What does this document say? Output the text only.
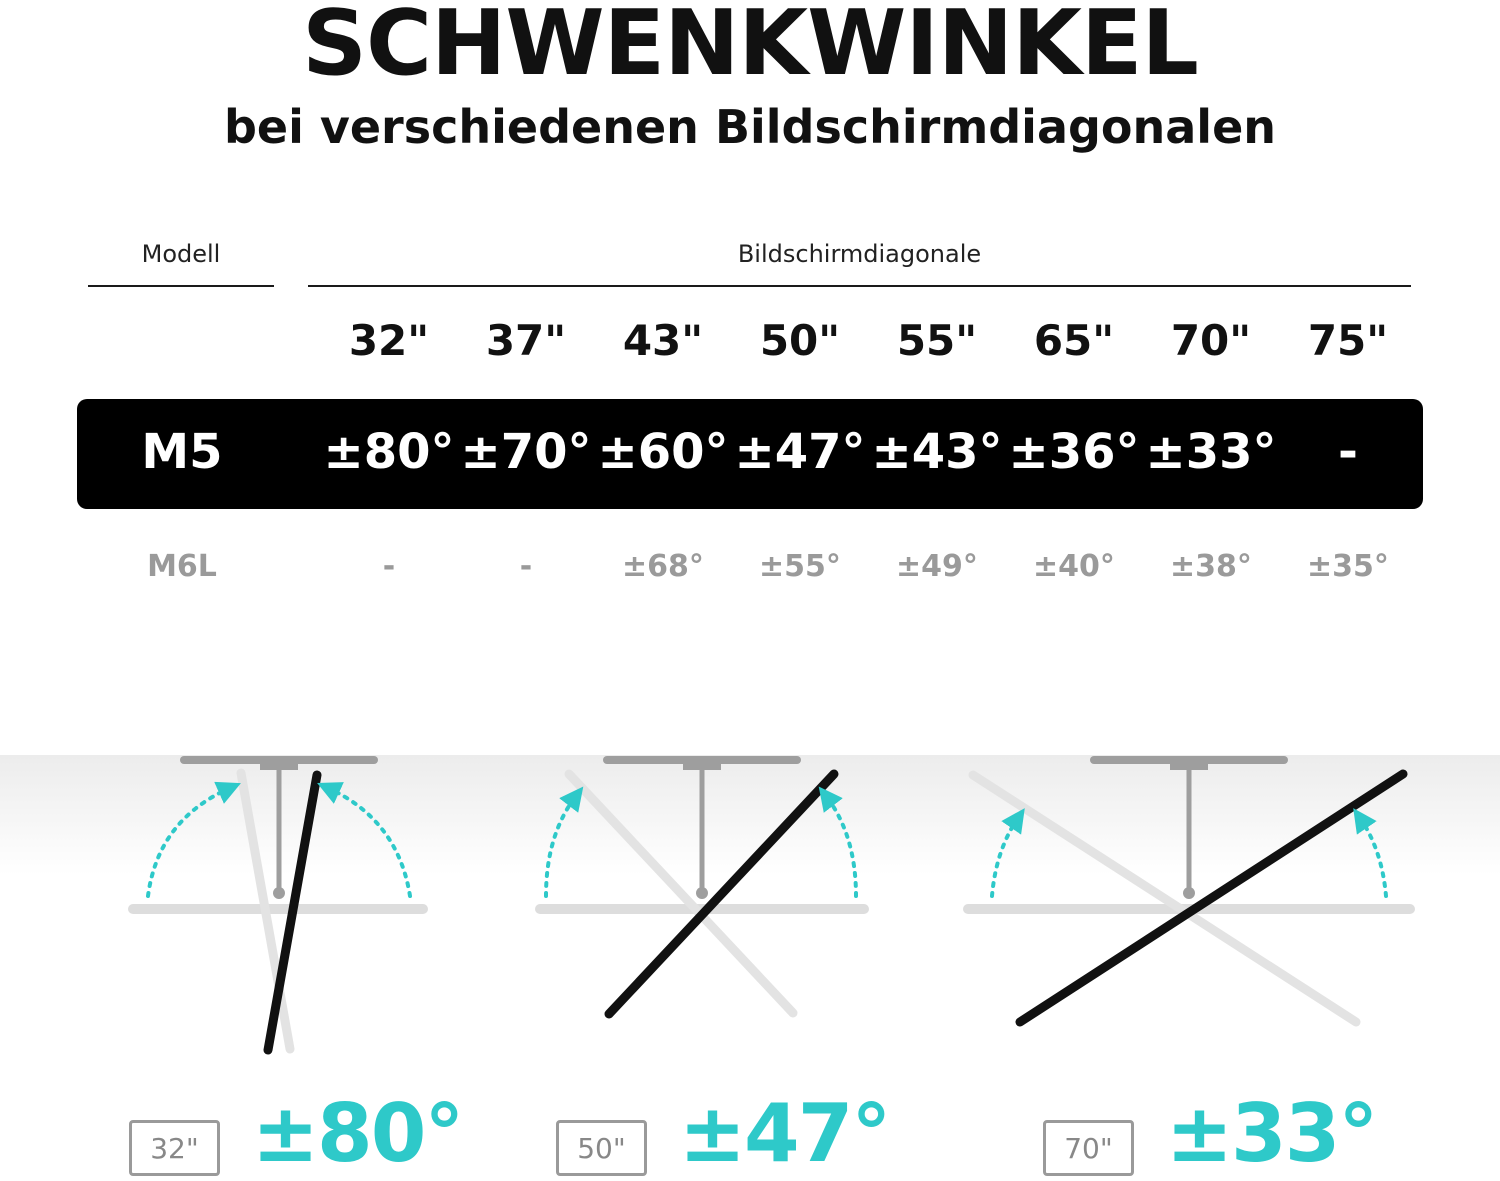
SCHWENKWINKEL
bei verschiedenen Bildschirmdiagonalen
Modell	Bildschirmdiagonale
32"	37"	43"	50"	55"	65"	70"	75"
M5	±80° ±70° ±60° ±47° ±43° ±36° ±33°	-
M6L	-	-	±68°	±55°	±49°	±40°	±38°	±35°
32" ±80°	50" ±47°	70" ±33°
